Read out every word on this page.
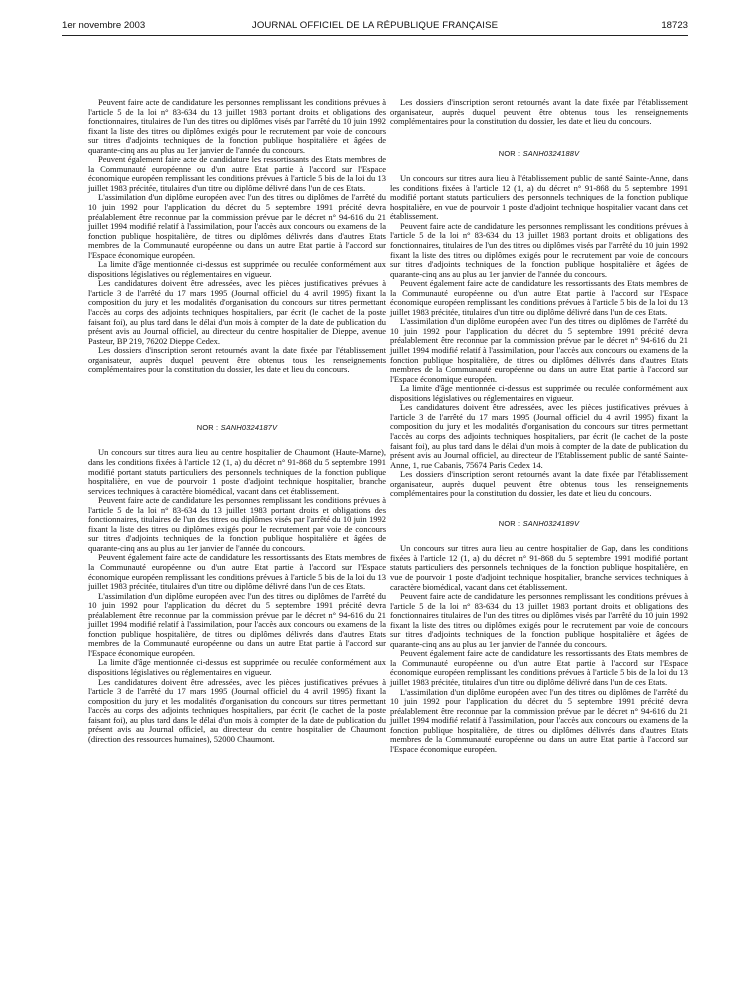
1er novembre 2003	JOURNAL OFFICIEL DE LA RÉPUBLIQUE FRANÇAISE	18723

Peuvent faire acte de candidature les personnes remplissant les conditions prévues à l'article 5 de la loi n° 83-634 du 13 juillet 1983 portant droits et obligations des fonctionnaires, titulaires de l'un des titres ou diplômes visés par l'arrêté du 10 juin 1992 fixant la liste des titres ou diplômes exigés pour le recrutement par voie de concours sur titres d'adjoints techniques de la fonction publique hospitalière et âgées de quarante-cinq ans au plus au 1er janvier de l'année du concours.

Peuvent également faire acte de candidature les ressortissants des Etats membres de la Communauté européenne ou d'un autre Etat partie à l'accord sur l'Espace économique européen remplissant les conditions prévues à l'article 5 bis de la loi du 13 juillet 1983 précitée, titulaires d'un titre ou diplôme délivré dans l'un de ces Etats.

L'assimilation d'un diplôme européen avec l'un des titres ou diplômes de l'arrêté du 10 juin 1992 pour l'application du décret du 5 septembre 1991 précité devra préalablement être reconnue par la commission prévue par le décret n° 94-616 du 21 juillet 1994 modifié relatif à l'assimilation, pour l'accès aux concours ou examens de la fonction publique hospitalière, de titres ou diplômes délivrés dans d'autres Etats membres de la Communauté européenne ou dans un autre Etat partie à l'accord sur l'Espace économique européen.

La limite d'âge mentionnée ci-dessus est supprimée ou reculée conformément aux dispositions législatives ou réglementaires en vigueur.

Les candidatures doivent être adressées, avec les pièces justificatives prévues à l'article 3 de l'arrêté du 17 mars 1995 (Journal officiel du 4 avril 1995) fixant la composition du jury et les modalités d'organisation du concours sur titres permettant l'accès au corps des adjoints techniques hospitaliers, par écrit (le cachet de la poste faisant foi), au plus tard dans le délai d'un mois à compter de la date de publication du présent avis au Journal officiel, au directeur du centre hospitalier de Dieppe, avenue Pasteur, BP 219, 76202 Dieppe Cedex.

Les dossiers d'inscription seront retournés avant la date fixée par l'établissement organisateur, auprès duquel peuvent être obtenus tous les renseignements complémentaires pour la constitution du dossier, les date et lieu du concours.

NOR : SANH0324187V

Un concours sur titres aura lieu au centre hospitalier de Chaumont (Haute-Marne), dans les conditions fixées à l'article 12 (1, a) du décret n° 91-868 du 5 septembre 1991 modifié portant statuts particuliers des personnels techniques de la fonction publique hospitalière, en vue de pourvoir 1 poste d'adjoint technique hospitalier, branche services techniques à caractère biomédical, vacant dans cet établissement.

Peuvent faire acte de candidature les personnes remplissant les conditions prévues à l'article 5 de la loi n° 83-634 du 13 juillet 1983 portant droits et obligations des fonctionnaires, titulaires de l'un des titres ou diplômes visés par l'arrêté du 10 juin 1992 fixant la liste des titres ou diplômes exigés pour le recrutement par voie de concours sur titres d'adjoints techniques de la fonction publique hospitalière et âgées de quarante-cinq ans au plus au 1er janvier de l'année du concours.

Peuvent également faire acte de candidature les ressortissants des Etats membres de la Communauté européenne ou d'un autre Etat partie à l'accord sur l'Espace économique européen remplissant les conditions prévues à l'article 5 bis de la loi du 13 juillet 1983 précitée, titulaires d'un titre ou diplôme délivré dans l'un de ces Etats.

L'assimilation d'un diplôme européen avec l'un des titres ou diplômes de l'arrêté du 10 juin 1992 pour l'application du décret du 5 septembre 1991 précité devra préalablement être reconnue par la commission prévue par le décret n° 94-616 du 21 juillet 1994 modifié relatif à l'assimilation, pour l'accès aux concours ou examens de la fonction publique hospitalière, de titres ou diplômes délivrés dans d'autres Etats membres de la Communauté européenne ou dans un autre Etat partie à l'accord sur l'Espace économique européen.

La limite d'âge mentionnée ci-dessus est supprimée ou reculée conformément aux dispositions législatives ou réglementaires en vigueur.

Les candidatures doivent être adressées, avec les pièces justificatives prévues à l'article 3 de l'arrêté du 17 mars 1995 (Journal officiel du 4 avril 1995) fixant la composition du jury et les modalités d'organisation du concours sur titres permettant l'accès au corps des adjoints techniques hospitaliers, par écrit (le cachet de la poste faisant foi), au plus tard dans le délai d'un mois à compter de la date de publication du présent avis au Journal officiel, au directeur du centre hospitalier de Chaumont (direction des ressources humaines), 52000 Chaumont.

Les dossiers d'inscription seront retournés avant la date fixée par l'établissement organisateur, auprès duquel peuvent être obtenus tous les renseignements complémentaires pour la constitution du dossier, les date et lieu du concours.

NOR : SANH0324188V

Un concours sur titres aura lieu à l'établissement public de santé Sainte-Anne, dans les conditions fixées à l'article 12 (1, a) du décret n° 91-868 du 5 septembre 1991 modifié portant statuts particuliers des personnels techniques de la fonction publique hospitalière, en vue de pourvoir 1 poste d'adjoint technique hospitalier vacant dans cet établissement.

Peuvent faire acte de candidature les personnes remplissant les conditions prévues à l'article 5 de la loi n° 83-634 du 13 juillet 1983 portant droits et obligations des fonctionnaires, titulaires de l'un des titres ou diplômes visés par l'arrêté du 10 juin 1992 fixant la liste des titres ou diplômes exigés pour le recrutement par voie de concours sur titres d'adjoints techniques de la fonction publique hospitalière et âgées de quarante-cinq ans au plus au 1er janvier de l'année du concours.

Peuvent également faire acte de candidature les ressortissants des Etats membres de la Communauté européenne ou d'un autre Etat partie à l'accord sur l'Espace économique européen remplissant les conditions prévues à l'article 5 bis de la loi du 13 juillet 1983 précitée, titulaires d'un titre ou diplôme délivré dans l'un de ces Etats.

L'assimilation d'un diplôme européen avec l'un des titres ou diplômes de l'arrêté du 10 juin 1992 pour l'application du décret du 5 septembre 1991 précité devra préalablement être reconnue par la commission prévue par le décret n° 94-616 du 21 juillet 1994 modifié relatif à l'assimilation, pour l'accès aux concours ou examens de la fonction publique hospitalière, de titres ou diplômes délivrés dans d'autres Etats membres de la Communauté européenne ou dans un autre Etat partie à l'accord sur l'Espace économique européen.

La limite d'âge mentionnée ci-dessus est supprimée ou reculée conformément aux dispositions législatives ou réglementaires en vigueur.

Les candidatures doivent être adressées, avec les pièces justificatives prévues à l'article 3 de l'arrêté du 17 mars 1995 (Journal officiel du 4 avril 1995) fixant la composition du jury et les modalités d'organisation du concours sur titres permettant l'accès au corps des adjoints techniques hospitaliers, par écrit (le cachet de la poste faisant foi), au plus tard dans le délai d'un mois à compter de la date de publication du présent avis au Journal officiel, au directeur de l'Etablissement public de santé Sainte-Anne, 1, rue Cabanis, 75674 Paris Cedex 14.

Les dossiers d'inscription seront retournés avant la date fixée par l'établissement organisateur, auprès duquel peuvent être obtenus tous les renseignements complémentaires pour la constitution du dossier, les date et lieu du concours.

NOR : SANH0324189V

Un concours sur titres aura lieu au centre hospitalier de Gap, dans les conditions fixées à l'article 12 (1, a) du décret n° 91-868 du 5 septembre 1991 modifié portant statuts particuliers des personnels techniques de la fonction publique hospitalière, en vue de pourvoir 1 poste d'adjoint technique hospitalier, branche services techniques à caractère biomédical, vacant dans cet établissement.

Peuvent faire acte de candidature les personnes remplissant les conditions prévues à l'article 5 de la loi n° 83-634 du 13 juillet 1983 portant droits et obligations des fonctionnaires titulaires de l'un des titres ou diplômes visés par l'arrêté du 10 juin 1992 fixant la liste des titres ou diplômes exigés pour le recrutement par voie de concours sur titres d'adjoints techniques de la fonction publique hospitalière et âgées de quarante-cinq ans au plus au 1er janvier de l'année du concours.

Peuvent également faire acte de candidature les ressortissants des Etats membres de la Communauté européenne ou d'un autre Etat partie à l'accord sur l'Espace économique européen remplissant les conditions prévues à l'article 5 bis de la loi du 13 juillet 1983 précitée, titulaires d'un titre ou diplôme délivré dans l'un de ces Etats.

L'assimilation d'un diplôme européen avec l'un des titres ou diplômes de l'arrêté du 10 juin 1992 pour l'application du décret du 5 septembre 1991 précité devra préalablement être reconnue par la commission prévue par le décret n° 94-616 du 21 juillet 1994 modifié relatif à l'assimilation, pour l'accès aux concours ou examens de la fonction publique hospitalière, de titres ou diplômes délivrés dans d'autres Etats membres de la Communauté européenne ou dans un autre Etat partie à l'accord sur l'Espace économique européen.
